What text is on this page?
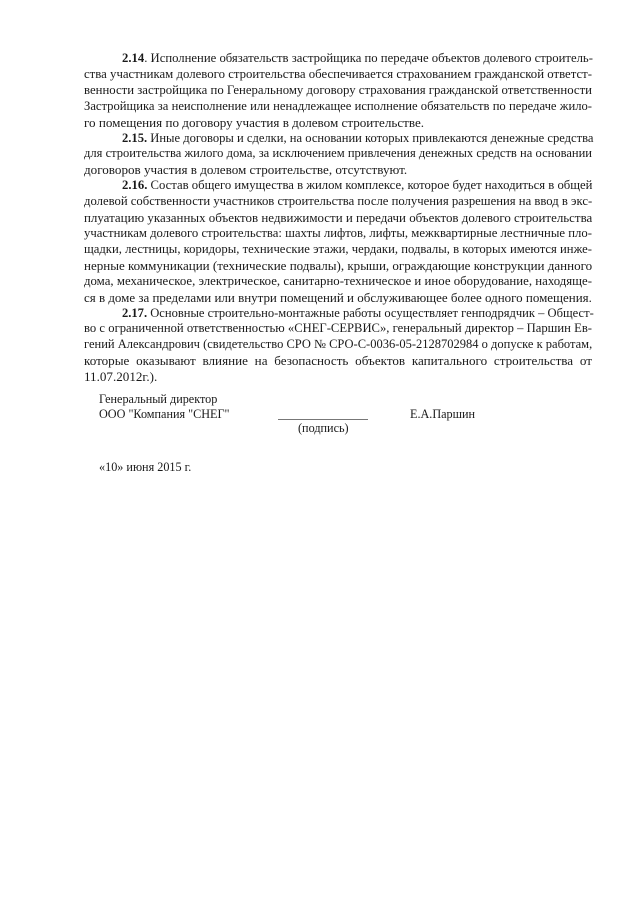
2.14. Исполнение обязательств застройщика по передаче объектов долевого строитель-
ства участникам долевого строительства обеспечивается страхованием гражданской ответст-
венности застройщика по Генеральному договору страхования гражданской ответственности
Застройщика за неисполнение или ненадлежащее исполнение обязательств по передаче жило-
го помещения по договору участия в долевом строительстве.
2.15. Иные договоры и сделки, на основании которых привлекаются денежные средства
для строительства жилого дома, за исключением привлечения денежных средств на основании
договоров участия в долевом строительстве, отсутствуют.
2.16. Состав общего имущества в жилом комплексе, которое будет находиться в общей
долевой собственности участников строительства после получения разрешения на ввод в экс-
плуатацию указанных объектов недвижимости и передачи объектов долевого строительства
участникам долевого строительства: шахты лифтов, лифты, межквартирные лестничные пло-
щадки, лестницы, коридоры, технические этажи, чердаки, подвалы, в которых имеются инже-
нерные коммуникации (технические подвалы), крыши, ограждающие конструкции данного
дома, механическое, электрическое, санитарно-техническое и иное оборудование, находяще-
ся в доме за пределами или внутри помещений и обслуживающее более одного помещения.
2.17. Основные строительно-монтажные работы осуществляет генподрядчик – Общест-
во с ограниченной ответственностью «СНЕГ-СЕРВИС», генеральный директор – Паршин Ев-
гений Александрович (свидетельство СРО № СРО-С-0036-05-2128702984 о допуске к работам,
которые оказывают влияние на безопасность объектов капитального строительства от
11.07.2012г.).
Генеральный директор
ООО "Компания "СНЕГ"
(подпись)
Е.А.Паршин
«10» июня 2015 г.
